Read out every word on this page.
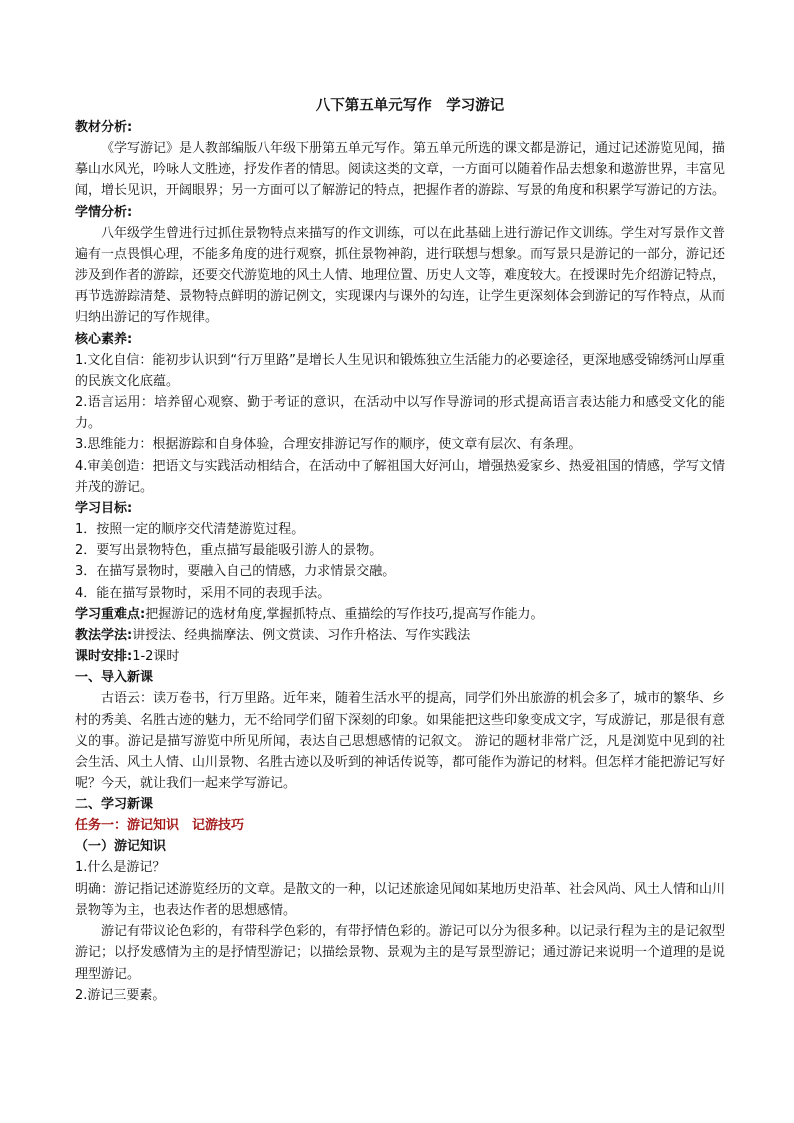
八下第五单元写作　学习游记
教材分析:
《学写游记》是人教部编版八年级下册第五单元写作。第五单元所选的课文都是游记，通过记述游览见闻，描摹山水风光，吟咏人文胜迹，抒发作者的情思。阅读这类的文章，一方面可以随着作品去想象和遨游世界，丰富见闻，增长见识，开阔眼界；另一方面可以了解游记的特点，把握作者的游踪、写景的角度和积累学写游记的方法。
学情分析:
八年级学生曾进行过抓住景物特点来描写的作文训练，可以在此基础上进行游记作文训练。学生对写景作文普遍有一点畏惧心理，不能多角度的进行观察，抓住景物神韵，进行联想与想象。而写景只是游记的一部分，游记还涉及到作者的游踪，还要交代游览地的风土人情、地理位置、历史人文等，难度较大。在授课时先介绍游记特点，再节选游踪清楚、景物特点鲜明的游记例文，实现课内与课外的勾连，让学生更深刻体会到游记的写作特点，从而归纳出游记的写作规律。
核心素养:
1.文化自信：能初步认识到“行万里路”是增长人生见识和锻炼独立生活能力的必要途径，更深地感受锦绣河山厚重的民族文化底蕴。
2.语言运用：培养留心观察、勤于考证的意识，在活动中以写作导游词的形式提高语言表达能力和感受文化的能力。
3.思维能力：根据游踪和自身体验，合理安排游记写作的顺序，使文章有层次、有条理。
4.审美创造：把语文与实践活动相结合，在活动中了解祖国大好河山，增强热爱家乡、热爱祖国的情感，学写文情并茂的游记。
学习目标:
1．按照一定的顺序交代清楚游览过程。
2．要写出景物特色，重点描写最能吸引游人的景物。
3．在描写景物时，要融入自己的情感，力求情景交融。
4．能在描写景物时，采用不同的表现手法。
学习重难点:把握游记的选材角度,掌握抓特点、重描绘的写作技巧,提高写作能力。
教法学法:讲授法、经典揣摩法、例文赏读、习作升格法、写作实践法
课时安排:1-2课时
一、导入新课
古语云：读万卷书，行万里路。近年来，随着生活水平的提高，同学们外出旅游的机会多了，城市的繁华、乡村的秀美、名胜古迹的魅力，无不给同学们留下深刻的印象。如果能把这些印象变成文字，写成游记，那是很有意义的事。游记是描写游览中所见所闻，表达自己思想感情的记叙文。 游记的题材非常广泛，凡是浏览中见到的社会生活、风土人情、山川景物、名胜古迹以及听到的神话传说等，都可能作为游记的材料。但怎样才能把游记写好呢？今天，就让我们一起来学写游记。
二、学习新课
任务一：游记知识　记游技巧
（一）游记知识
1.什么是游记？
明确：游记指记述游览经历的文章。是散文的一种，以记述旅途见闻如某地历史沿革、社会风尚、风土人情和山川景物等为主，也表达作者的思想感情。
游记有带议论色彩的，有带科学色彩的，有带抒情色彩的。游记可以分为很多种。以记录行程为主的是记叙型游记；以抒发感情为主的是抒情型游记；以描绘景物、景观为主的是写景型游记；通过游记来说明一个道理的是说理型游记。
2.游记三要素。
